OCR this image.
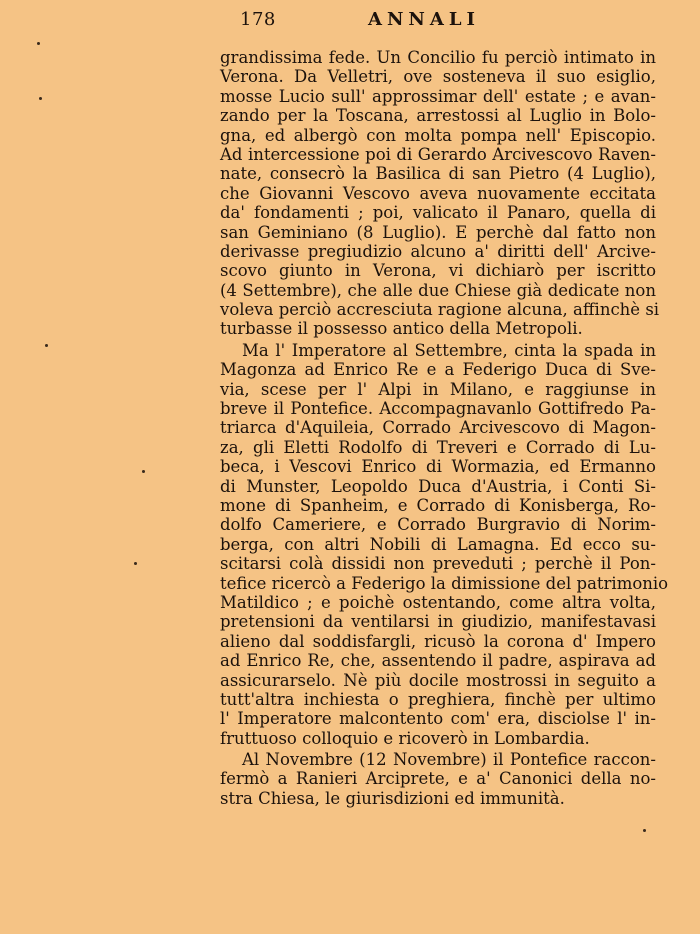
178	ANNALI
grandissima fede. Un Concilio fu perciò intimato in
Verona. Da Velletri, ove sosteneva il suo esiglio,
mosse Lucio sull' approssimar dell' estate ; e avan-
zando per la Toscana, arrestossi al Luglio in Bolo-
gna, ed albergò con molta pompa nell' Episcopio.
Ad intercessione poi di Gerardo Arcivescovo Raven-
nate, consecrò la Basilica di san Pietro (4 Luglio),
che Giovanni Vescovo aveva nuovamente eccitata
da' fondamenti ; poi, valicato il Panaro, quella di
san Geminiano (8 Luglio). E perchè dal fatto non
derivasse pregiudizio alcuno a' diritti dell' Arcive-
scovo giunto in Verona, vi dichiarò per iscritto
(4 Settembre), che alle due Chiese già dedicate non
voleva perciò accresciuta ragione alcuna, affinchè si
turbasse il possesso antico della Metropoli.
Ma l' Imperatore al Settembre, cinta la spada in
Magonza ad Enrico Re e a Federigo Duca di Sve-
via, scese per l' Alpi in Milano, e raggiunse in
breve il Pontefice. Accompagnavanlo Gottifredo Pa-
triarca d'Aquileia, Corrado Arcivescovo di Magon-
za, gli Eletti Rodolfo di Treveri e Corrado di Lu-
beca, i Vescovi Enrico di Wormazia, ed Ermanno
di Munster, Leopoldo Duca d'Austria, i Conti Si-
mone di Spanheim, e Corrado di Konisberga, Ro-
dolfo Cameriere, e Corrado Burgravio di Norim-
berga, con altri Nobili di Lamagna. Ed ecco su-
scitarsi colà dissidi non preveduti ; perchè il Pon-
tefice ricercò a Federigo la dimissione del patrimonio
Matildico ; e poichè ostentando, come altra volta,
pretensioni da ventilarsi in giudizio, manifestavasi
alieno dal soddisfargli, ricusò la corona d' Impero
ad Enrico Re, che, assentendo il padre, aspirava ad
assicurarselo. Nè più docile mostrossi in seguito a
tutt'altra inchiesta o preghiera, finchè per ultimo
l' Imperatore malcontento com' era, disciolse l' in-
fruttuoso colloquio e ricoverò in Lombardia.
Al Novembre (12 Novembre) il Pontefice raccon-
fermò a Ranieri Arciprete, e a' Canonici della no-
stra Chiesa, le giurisdizioni ed immunità.
